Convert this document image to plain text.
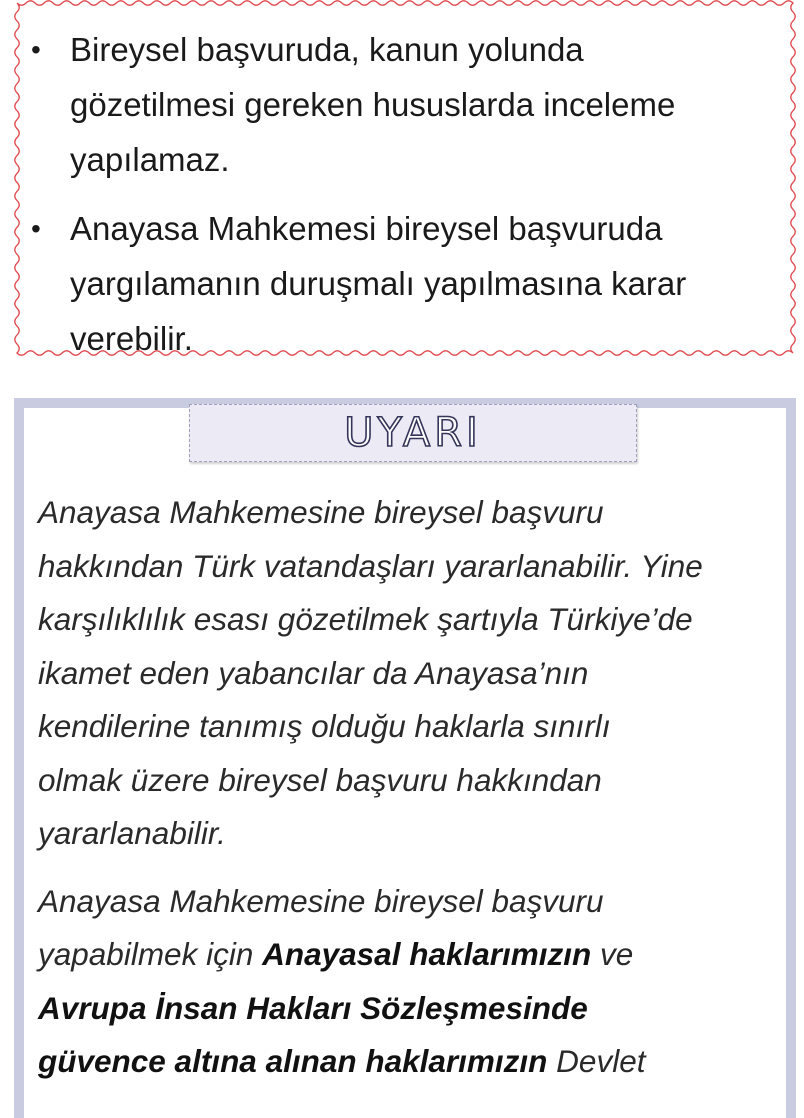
• Bireysel başvuruda, kanun yolunda
gözetilmesi gereken hususlarda inceleme
yapılamaz.
• Anayasa Mahkemesi bireysel başvuruda
yargılamanın duruşmalı yapılmasına karar
verebilir.
UYARI

Anayasa Mahkemesine bireysel başvuru
hakkından Türk vatandaşları yararlanabilir. Yine
karşılıklılık esası gözetilmek şartıyla Türkiye’de
ikamet eden yabancılar da Anayasa’nın
kendilerine tanımış olduğu haklarla sınırlı
olmak üzere bireysel başvuru hakkından
yararlanabilir.

Anayasa Mahkemesine bireysel başvuru
yapabilmek için Anayasal haklarımızın ve
Avrupa İnsan Hakları Sözleşmesinde
güvence altına alınan haklarımızın Devlet
